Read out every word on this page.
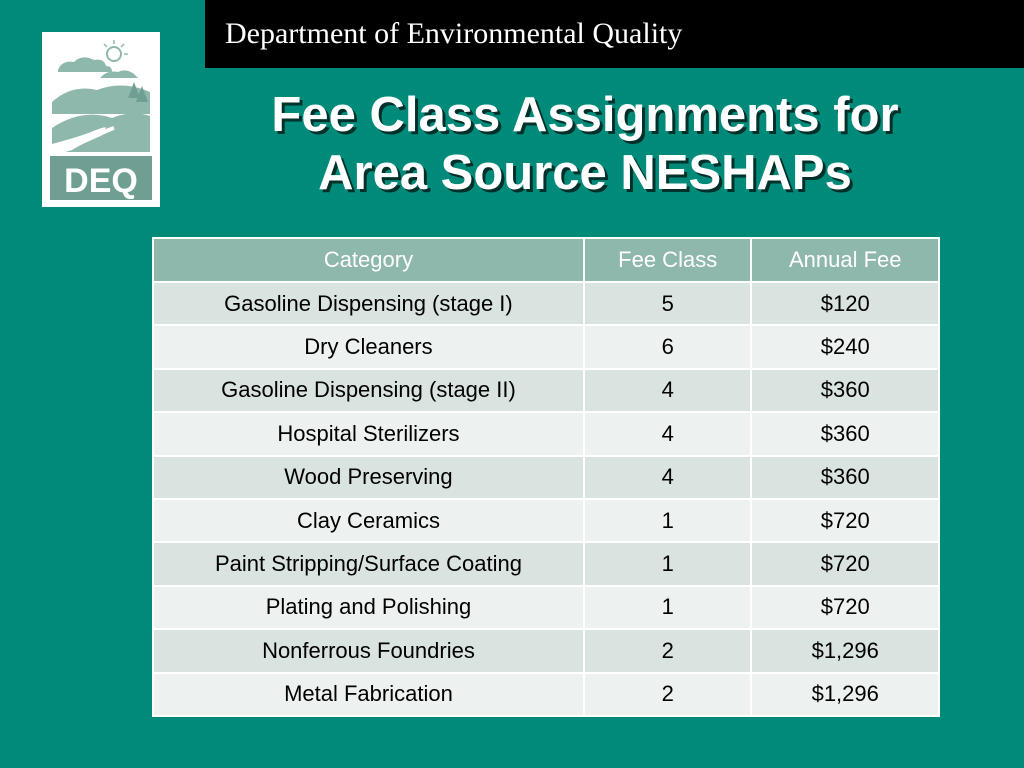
Department of Environmental Quality
DEQ
Fee Class Assignments for
Area Source NESHAPs
Category	Fee Class	Annual Fee
Gasoline Dispensing (stage I)	5	$120
Dry Cleaners	6	$240
Gasoline Dispensing (stage II)	4	$360
Hospital Sterilizers	4	$360
Wood Preserving	4	$360
Clay Ceramics	1	$720
Paint Stripping/Surface Coating	1	$720
Plating and Polishing	1	$720
Nonferrous Foundries	2	$1,296
Metal Fabrication	2	$1,296
